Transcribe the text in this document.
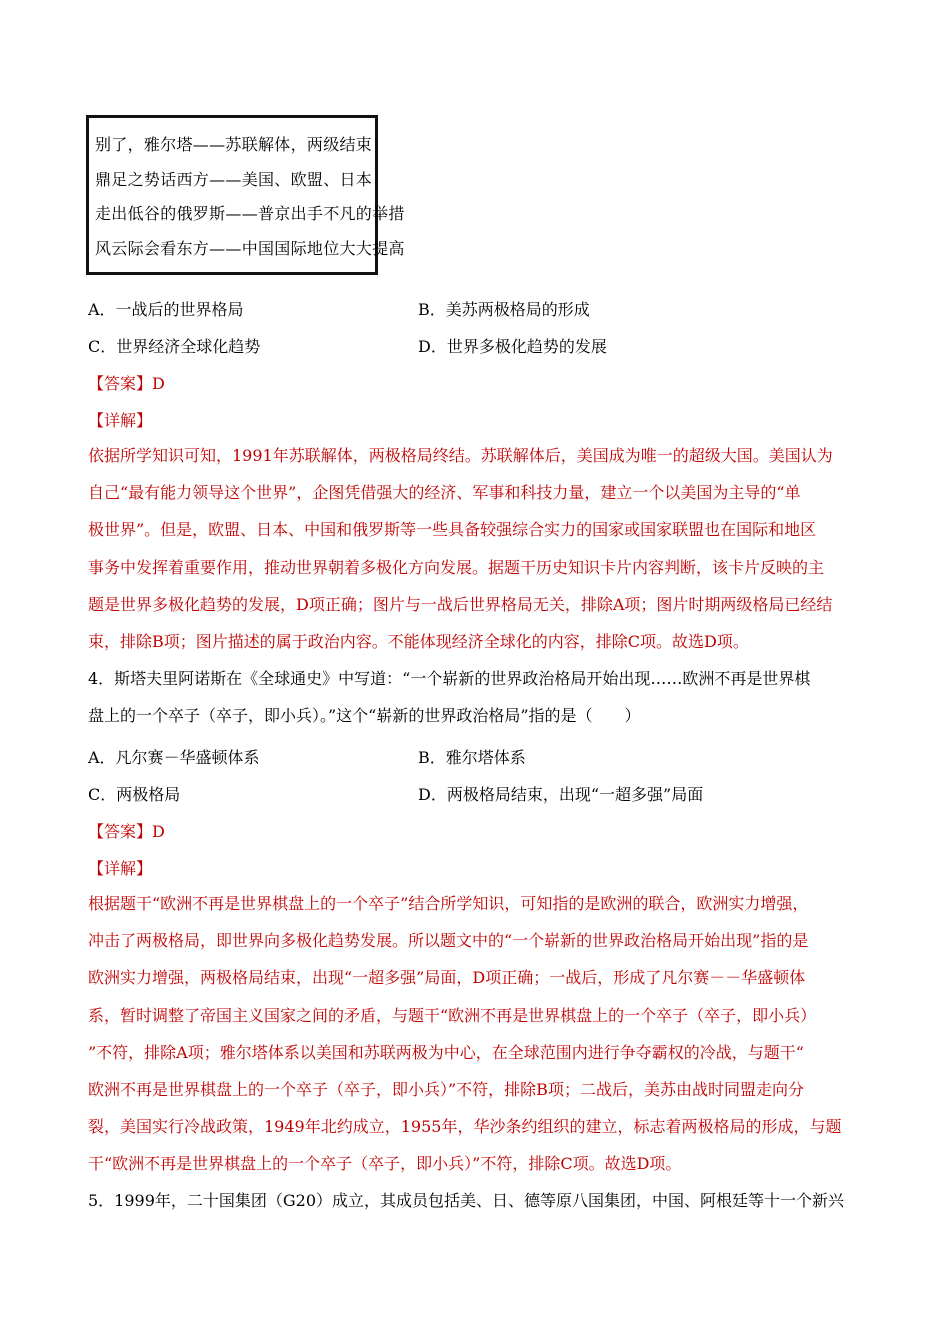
别了，雅尔塔——苏联解体，两级结束
鼎足之势话西方——美国、欧盟、日本
走出低谷的俄罗斯——普京出手不凡的举措
风云际会看东方——中国国际地位大大提高
A．一战后的世界格局	B．美苏两极格局的形成
C．世界经济全球化趋势	D．世界多极化趋势的发展
【答案】D
【详解】
依据所学知识可知，1991年苏联解体，两极格局终结。苏联解体后，美国成为唯一的超级大国。美国认为
自己“最有能力领导这个世界”，企图凭借强大的经济、军事和科技力量，建立一个以美国为主导的“单
极世界”。但是，欧盟、日本、中国和俄罗斯等一些具备较强综合实力的国家或国家联盟也在国际和地区
事务中发挥着重要作用，推动世界朝着多极化方向发展。据题干历史知识卡片内容判断，该卡片反映的主
题是世界多极化趋势的发展，D项正确；图片与一战后世界格局无关，排除A项；图片时期两级格局已经结
束，排除B项；图片描述的属于政治内容。不能体现经济全球化的内容，排除C项。故选D项。
4．斯塔夫里阿诺斯在《全球通史》中写道：“一个崭新的世界政治格局开始出现……欧洲不再是世界棋
盘上的一个卒子（卒子，即小兵）。”这个“崭新的世界政治格局”指的是（　　）
A．凡尔赛－华盛顿体系	B．雅尔塔体系
C．两极格局	D．两极格局结束，出现“一超多强”局面
【答案】D
【详解】
根据题干“欧洲不再是世界棋盘上的一个卒子”结合所学知识，可知指的是欧洲的联合，欧洲实力增强，
冲击了两极格局，即世界向多极化趋势发展。所以题文中的“一个崭新的世界政治格局开始出现”指的是
欧洲实力增强，两极格局结束，出现“一超多强”局面，D项正确；一战后，形成了凡尔赛－－华盛顿体
系，暂时调整了帝国主义国家之间的矛盾，与题干“欧洲不再是世界棋盘上的一个卒子（卒子，即小兵）
”不符，排除A项；雅尔塔体系以美国和苏联两极为中心，在全球范围内进行争夺霸权的冷战，与题干“
欧洲不再是世界棋盘上的一个卒子（卒子，即小兵）”不符，排除B项；二战后，美苏由战时同盟走向分
裂，美国实行冷战政策，1949年北约成立，1955年，华沙条约组织的建立，标志着两极格局的形成，与题
干“欧洲不再是世界棋盘上的一个卒子（卒子，即小兵）”不符，排除C项。故选D项。
5．1999年，二十国集团（G20）成立，其成员包括美、日、德等原八国集团，中国、阿根廷等十一个新兴
